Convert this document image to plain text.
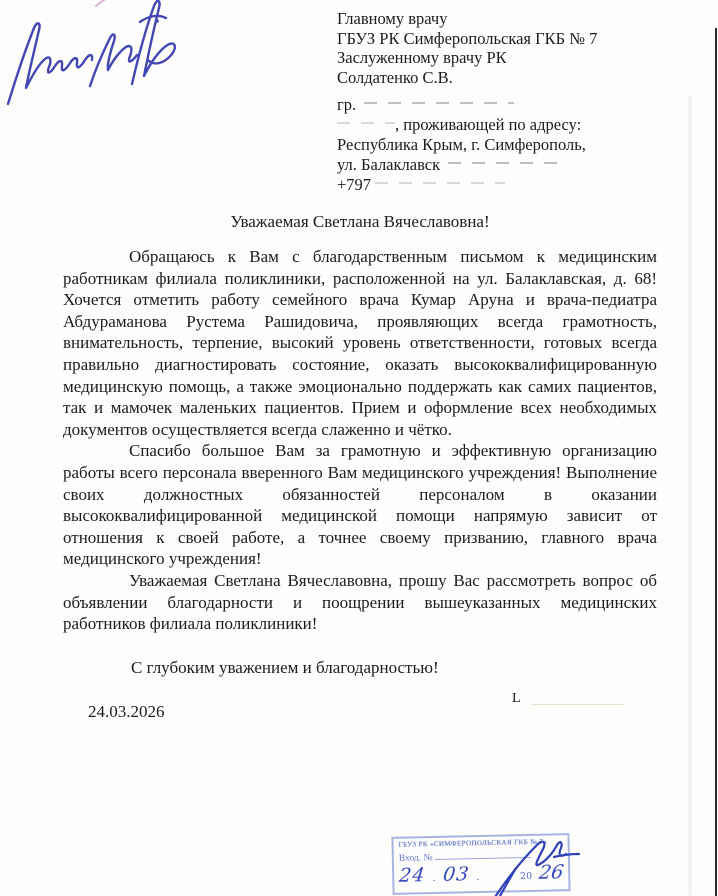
Главному врачу
ГБУЗ РК Симферопольская ГКБ № 7
Заслуженному врачу РК
Солдатенко С.В.
гр.
, проживающей по адресу:
Республика Крым, г. Симферополь,
ул. Балаклавск
+797
Уважаемая Светлана Вячеславовна!

Обращаюсь к Вам с благодарственным письмом к медицинским работникам филиала поликлиники, расположенной на ул. Балаклавская, д. 68! Хочется отметить работу семейного врача Кумар Аруна и врача-педиатра Абдураманова Рустема Рашидовича, проявляющих всегда грамотность, внимательность, терпение, высокий уровень ответственности, готовых всегда правильно диагностировать состояние, оказать высококвалифицированную медицинскую помощь, а также эмоционально поддержать как самих пациентов, так и мамочек маленьких пациентов. Прием и оформление всех необходимых документов осуществляется всегда слаженно и чётко.

Спасибо большое Вам за грамотную и эффективную организацию работы всего персонала вверенного Вам медицинского учреждения! Выполнение своих должностных обязанностей персоналом в оказании высококвалифицированной медицинской помощи напрямую зависит от отношения к своей работе, а точнее своему призванию, главного врача медицинского учреждения!

Уважаемая Светлана Вячеславовна, прошу Вас рассмотреть вопрос об объявлении благодарности и поощрении вышеуказанных медицинских работников филиала поликлиники!

С глубоким уважением и благодарностью!
24.03.2026
L
ГБУЗ РК «СИМФЕРОПОЛЬСКАЯ ГКБ № 7»
Вход. №
24 . 03 .	20 26
